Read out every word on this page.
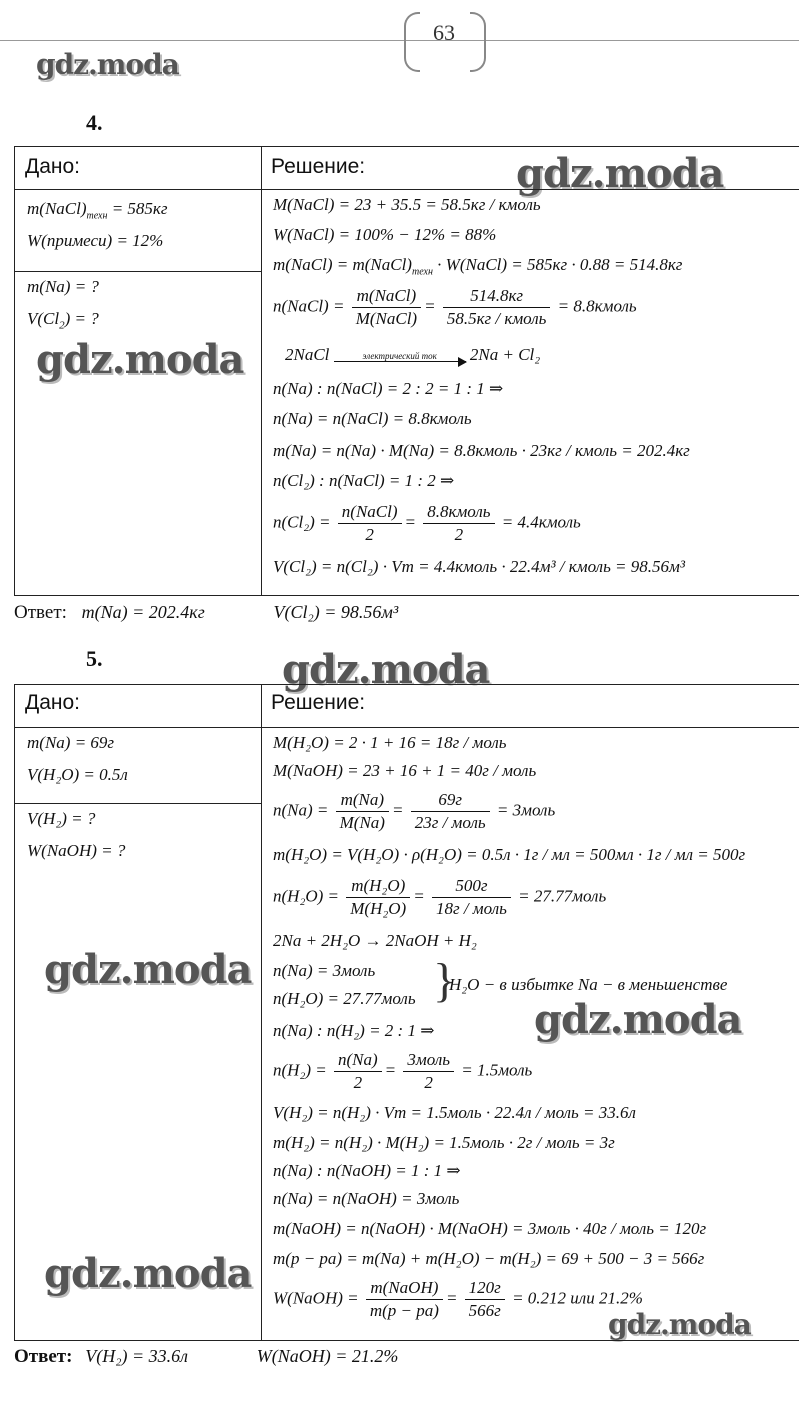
63
gdz.moda
gdz.moda
gdz.moda
gdz.moda
gdz.moda
gdz.moda
gdz.moda
gdz.moda
4.
Дано:	Решение:
$m(NaCl)_{техн} = 585кг$
W(примеси) = 12%
m(Na) = ?
$V(Cl_2)$ = ?
M(NaCl) = 23 + 35.5 = 58.5кг / кмоль
W(NaCl) = 100% − 12% = 88%
m(NaCl) = $m(NaCl)_{техн}$ · W(NaCl) = 585кг · 0.88 = 514.8кг
n(NaCl) = $\frac{\text{m(NaCl)}}{\text{M(NaCl)}} = \frac{514.8кг}{\text{58.5кг / кмоль}}$ = 8.8кмоль
2NaCl	электрический ток	2Na + Cl₂
n(Na) : n(NaCl) = 2 : 2 = 1 : 1 ⇒
n(Na) = n(NaCl) = 8.8кмоль
m(Na) = n(Na) · M(Na) = 8.8кмоль · 23кг / кмоль = 202.4кг
n(Cl₂) : n(NaCl) = 1 : 2 ⇒
$n(Cl_2) = \frac{\text{n(NaCl)}}{2} = \frac{\text{8.8кмоль}}{2}$ = 4.4кмоль
V(Cl₂) = n(Cl₂) · Vm = 4.4кмоль · 22.4м³ / кмоль = 98.56м³
Ответ: m(Na) = 202.4кг	V(Cl₂) = 98.56м³
5.
Дано:	Решение:
m(Na) = 69г
V(H₂O) = 0.5л
V(H₂) = ?
W(NaOH) = ?
M(H₂O) = 2 · 1 + 16 = 18г / моль
M(NaOH) = 23 + 16 + 1 = 40г / моль
$n(Na) = \frac{m(Na)}{M(Na)} = \frac{69г}{\text{23г / моль}}$ = 3моль
m(H₂O) = V(H₂O) · ρ(H₂O) = 0.5л · 1г / мл = 500мл · 1г / мл = 500г
$n(H_2O) = \frac{\text{m(H₂O)}}{\text{M(H₂O)}} = \frac{500г}{\text{18г / моль}}$ = 27.77моль
2Na + 2H₂O → 2NaOH + H₂
n(Na) = 3моль
n(H₂O) = 27.77моль }
H₂O − в избытке Na − в меньшенстве
n(Na) : n(H₂) = 2 : 1 ⇒
$n(H_2) = \frac{n(Na)}{2} = \frac{\text{3моль}}{2}$ = 1.5моль
V(H₂) = n(H₂) · Vm = 1.5моль · 22.4л / моль = 33.6л
m(H₂) = n(H₂) · M(H₂) = 1.5моль · 2г / моль = 3г
n(Na) : n(NaOH) = 1 : 1 ⇒
n(Na) = n(NaOH) = 3моль
m(NaOH) = n(NaOH) · M(NaOH) = 3моль · 40г / моль = 120г
m(p − pa) = m(Na) + m(H₂O) − m(H₂) = 69 + 500 − 3 = 566г
W(NaOH) = $\frac{\text{m(NaOH)}}{m(p - pa)} = \frac{120г}{566г} = 0.212$ или 21.2%
Ответ: V(H₂) = 33.6л	W(NaOH) = 21.2%
